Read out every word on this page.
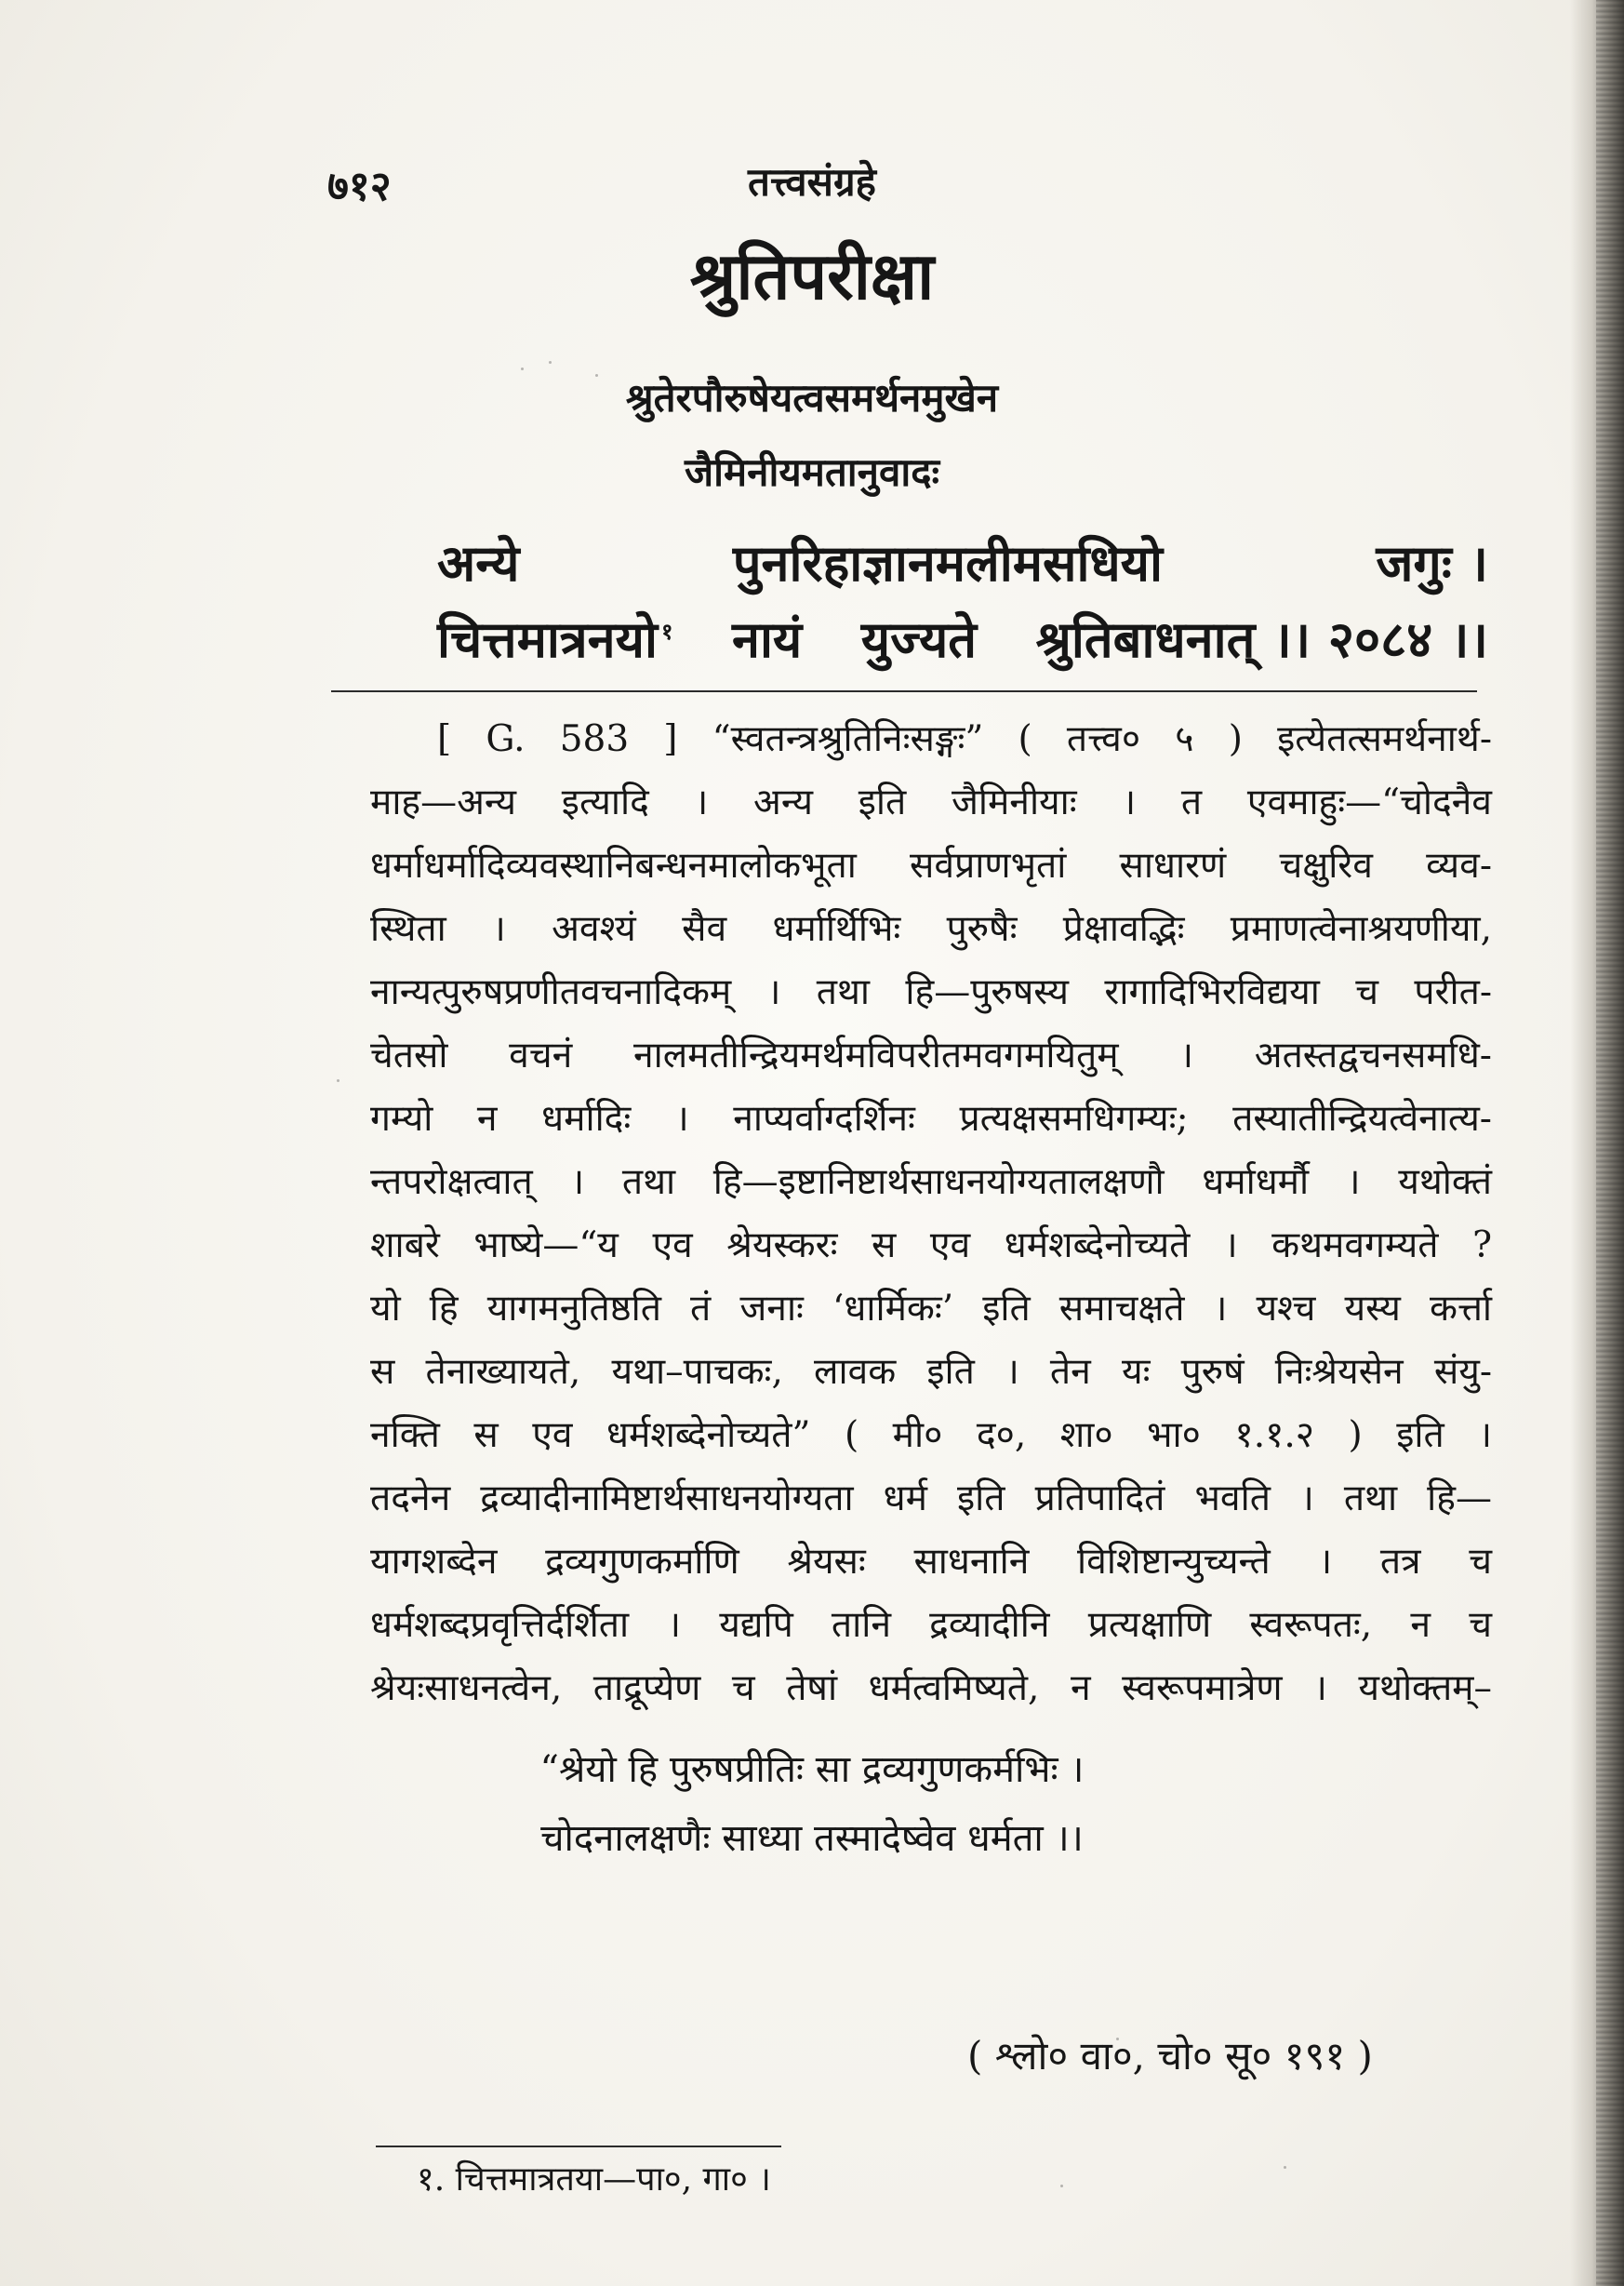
७१२	तत्त्वसंग्रहे
श्रुतिपरीक्षा
श्रुतेरपौरुषेयत्वसमर्थनमुखेन
जैमिनीयमतानुवादः
अन्ये	पुनरिहाज्ञानमलीमसधियो	जगुः ।
चित्तमात्रनयो $^१$ नायं युज्यते श्रुतिबाधनात् ।। २०८४ ।।
[ G. 583 ] “स्वतन्त्रश्रुतिनिःसङ्गः” ( तत्त्व० ५ ) इत्येतत्समर्थनार्थ-
माह—अन्य इत्यादि । अन्य इति जैमिनीयाः । त एवमाहुः—“चोदनैव
धर्माधर्मादिव्यवस्थानिबन्धनमालोकभूता सर्वप्राणभृतां साधारणं चक्षुरिव व्यव-
स्थिता । अवश्यं सैव धर्मार्थिभिः पुरुषैः प्रेक्षावद्भिः प्रमाणत्वेनाश्रयणीया,
नान्यत्पुरुषप्रणीतवचनादिकम् । तथा हि—पुरुषस्य रागादिभिरविद्यया च परीत-
चेतसो वचनं नालमतीन्द्रियमर्थमविपरीतमवगमयितुम् । अतस्तद्वचनसमधि-
गम्यो न धर्मादिः । नाप्यर्वाग्दर्शिनः प्रत्यक्षसमधिगम्यः; तस्यातीन्द्रियत्वेनात्य-
न्तपरोक्षत्वात् । तथा हि—इष्टानिष्टार्थसाधनयोग्यतालक्षणौ धर्माधर्मौ । यथोक्तं
शाबरे भाष्ये—“य एव श्रेयस्करः स एव धर्मशब्देनोच्यते । कथमवगम्यते ?
यो हि यागमनुतिष्ठति तं जनाः ‘धार्मिकः’ इति समाचक्षते । यश्च यस्य कर्त्ता
स तेनाख्यायते, यथा–पाचकः, लावक इति । तेन यः पुरुषं निःश्रेयसेन संयु-
नक्ति स एव धर्मशब्देनोच्यते” ( मी० द०, शा० भा० १.१.२ ) इति ।
तदनेन द्रव्यादीनामिष्टार्थसाधनयोग्यता धर्म इति प्रतिपादितं भवति । तथा हि—
यागशब्देन द्रव्यगुणकर्माणि श्रेयसः साधनानि विशिष्टान्युच्यन्ते । तत्र च
धर्मशब्दप्रवृत्तिर्दर्शिता । यद्यपि तानि द्रव्यादीनि प्रत्यक्षाणि स्वरूपतः, न च
श्रेयःसाधनत्वेन, ताद्रूप्येण च तेषां धर्मत्वमिष्यते, न स्वरूपमात्रेण । यथोक्तम्–
“श्रेयो हि पुरुषप्रीतिः सा द्रव्यगुणकर्मभिः ।
चोदनालक्षणैः साध्या तस्मादेष्वेव धर्मता ।।
( श्लो० वा०, चो० सू० १९१ )
१. चित्तमात्रतया—पा०, गा० ।
